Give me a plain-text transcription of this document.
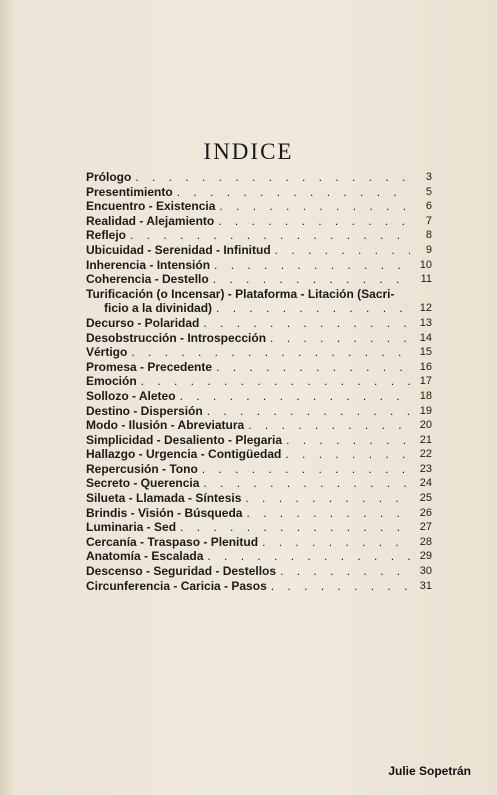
INDICE
Prólogo . . .	3
Presentimiento . . .	5
Encuentro - Existencia . . .	6
Realidad - Alejamiento . . .	7
Reflejo . . .	8
Ubicuidad - Serenidad - Infinitud . . .	9
Inherencia - Intensión . . .	10
Coherencia - Destello . . .	11
Turificación (o Incensar) - Plataforma - Litación (Sacri-
ficio a la divinidad) . . .	12
Decurso - Polaridad . . .	13
Desobstrucción - Introspección . . .	14
Vértigo . . .	15
Promesa - Precedente . . .	16
Emoción . . .	17
Sollozo - Aleteo . . .	18
Destino - Dispersión . . .	19
Modo - Ilusión - Abreviatura . . .	20
Simplicidad - Desaliento - Plegaria . . .	21
Hallazgo - Urgencia - Contigüedad . . .	22
Repercusión - Tono . . .	23
Secreto - Querencia . . .	24
Silueta - Llamada - Síntesis . . .	25
Brindis - Visión - Búsqueda . . .	26
Luminaria - Sed . . .	27
Cercanía - Traspaso - Plenitud . . .	28
Anatomía - Escalada . . .	29
Descenso - Seguridad - Destellos . . .	30
Circunferencia - Caricia - Pasos . . .	31
Julie Sopetrán
